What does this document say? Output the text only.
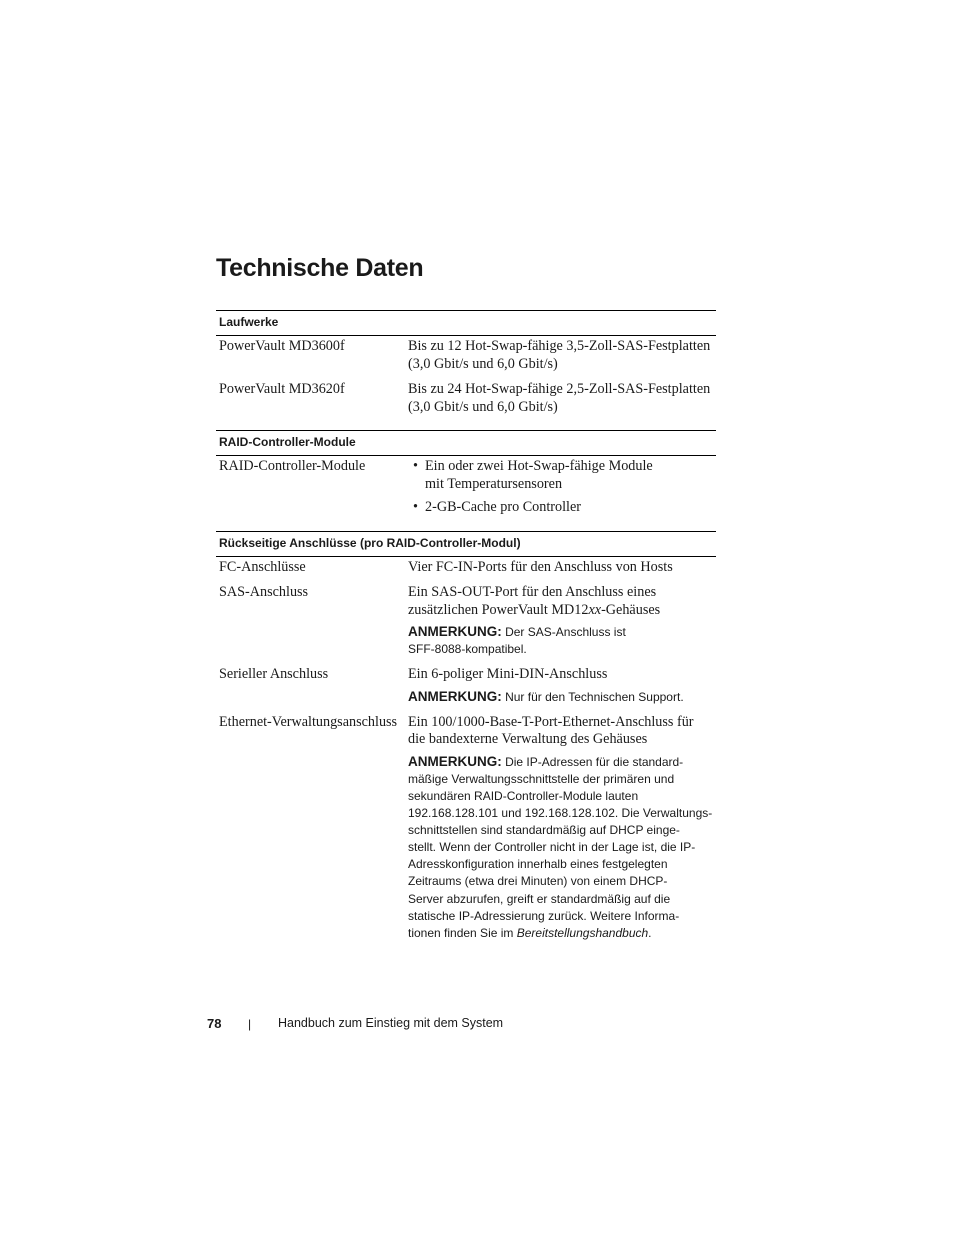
Technische Daten
Laufwerke
PowerVault MD3600f	Bis zu 12 Hot-Swap-fähige 3,5-Zoll-SAS-Festplatten

(3,0 Gbit/s und 6,0 Gbit/s)

PowerVault MD3620f	Bis zu 24 Hot-Swap-fähige 2,5-Zoll-SAS-Festplatten

(3,0 Gbit/s und 6,0 Gbit/s)

RAID-Controller-Module
RAID-Controller-Module
•	Ein oder zwei Hot-Swap-fähige Module
mit Temperatursensoren
• 2-GB-Cache pro Controller
Rückseitige Anschlüsse (pro RAID-Controller-Modul)
FC-Anschlüsse	Vier FC-IN-Ports für den Anschluss von Hosts

SAS-Anschluss	Ein SAS-OUT-Port für den Anschluss eines

zusätzlichen PowerVault MD12xx-Gehäuses

ANMERKUNG: Der SAS-Anschluss ist
SFF-8088-kompatibel.
Serieller Anschluss	Ein 6-poliger Mini-DIN-Anschluss

ANMERKUNG: Nur für den Technischen Support.
Ethernet-Verwaltungsanschluss Ein 100/1000-Base-T-Port-Ethernet-Anschluss für

die bandexterne Verwaltung des Gehäuses

ANMERKUNG: Die IP-Adressen für die standard-
mäßige Verwaltungsschnittstelle der primären und
sekundären RAID-Controller-Module lauten
192.168.128.101 und 192.168.128.102. Die Verwaltungs-
schnittstellen sind standardmäßig auf DHCP einge-
stellt. Wenn der Controller nicht in der Lage ist, die IP-
Adresskonfiguration innerhalb eines festgelegten
Zeitraums (etwa drei Minuten) von einem DHCP-
Server abzurufen, greift er standardmäßig auf die
statische IP-Adressierung zurück. Weitere Informa-
tionen finden Sie im Bereitstellungshandbuch.
78 | Handbuch zum Einstieg mit dem System
